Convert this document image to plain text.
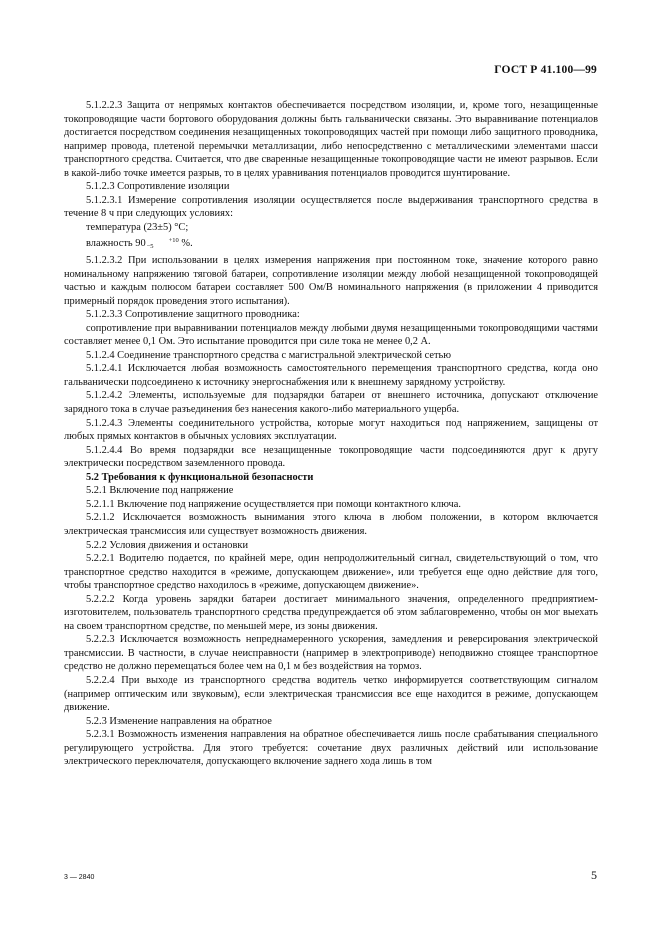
ГОСТ Р 41.100—99

5.1.2.2.3 Защита от непрямых контактов обеспечивается посредством изоляции, и, кроме того, незащищенные токопроводящие части бортового оборудования должны быть гальванически связаны. Это выравнивание потенциалов достигается посредством соединения незащищенных токопроводящих частей при помощи либо защитного проводника, например провода, плетеной перемычки металлизации, либо непосредственно с металлическими элементами шасси транспортного средства. Считается, что две сваренные незащищенные токопроводящие части не имеют разрывов. Если в какой-либо точке имеется разрыв, то в целях уравнивания потенциалов проводится шунтирование.

5.1.2.3 Сопротивление изоляции

5.1.2.3.1 Измерение сопротивления изоляции осуществляется после выдерживания транспортного средства в течение 8 ч при следующих условиях:

температура (23±5) °С;

влажность 90	+10
−5 %.

5.1.2.3.2 При использовании в целях измерения напряжения при постоянном токе, значение которого равно номинальному напряжению тяговой батареи, сопротивление изоляции между любой незащищенной токопроводящей частью и каждым полюсом батареи составляет 500 Ом/В номинального напряжения (в приложении 4 приводится примерный порядок проведения этого испытания).

5.1.2.3.3 Сопротивление защитного проводника:

сопротивление при выравнивании потенциалов между любыми двумя незащищенными токопроводящими частями составляет менее 0,1 Ом. Это испытание проводится при силе тока не менее 0,2 А.

5.1.2.4 Соединение транспортного средства с магистральной электрической сетью

5.1.2.4.1 Исключается любая возможность самостоятельного перемещения транспортного средства, когда оно гальванически подсоединено к источнику энергоснабжения или к внешнему зарядному устройству.

5.1.2.4.2 Элементы, используемые для подзарядки батареи от внешнего источника, допускают отключение зарядного тока в случае разъединения без нанесения какого-либо материального ущерба.

5.1.2.4.3 Элементы соединительного устройства, которые могут находиться под напряжением, защищены от любых прямых контактов в обычных условиях эксплуатации.

5.1.2.4.4 Во время подзарядки все незащищенные токопроводящие части подсоединяются друг к другу электрически посредством заземленного провода.

5.2 Требования к функциональной безопасности

5.2.1 Включение под напряжение

5.2.1.1 Включение под напряжение осуществляется при помощи контактного ключа.

5.2.1.2 Исключается возможность вынимания этого ключа в любом положении, в котором включается электрическая трансмиссия или существует возможность движения.

5.2.2 Условия движения и остановки

5.2.2.1 Водителю подается, по крайней мере, один непродолжительный сигнал, свидетельствующий о том, что транспортное средство находится в «режиме, допускающем движение», или требуется еще одно действие для того, чтобы транспортное средство находилось в «режиме, допускающем движение».

5.2.2.2 Когда уровень зарядки батареи достигает минимального значения, определенного предприятием-изготовителем, пользователь транспортного средства предупреждается об этом заблаговременно, чтобы он мог выехать на своем транспортном средстве, по меньшей мере, из зоны движения.

5.2.2.3 Исключается возможность непреднамеренного ускорения, замедления и реверсирования электрической трансмиссии. В частности, в случае неисправности (например в электроприводе) неподвижно стоящее транспортное средство не должно перемещаться более чем на 0,1 м без воздействия на тормоз.

5.2.2.4 При выходе из транспортного средства водитель четко информируется соответствующим сигналом (например оптическим или звуковым), если электрическая трансмиссия все еще находится в режиме, допускающем движение.

5.2.3 Изменение направления на обратное

5.2.3.1 Возможность изменения направления на обратное обеспечивается лишь после срабатывания специального регулирующего устройства. Для этого требуется: сочетание двух различных действий или использование электрического переключателя, допускающего включение заднего хода лишь в том

3 — 2840	5
